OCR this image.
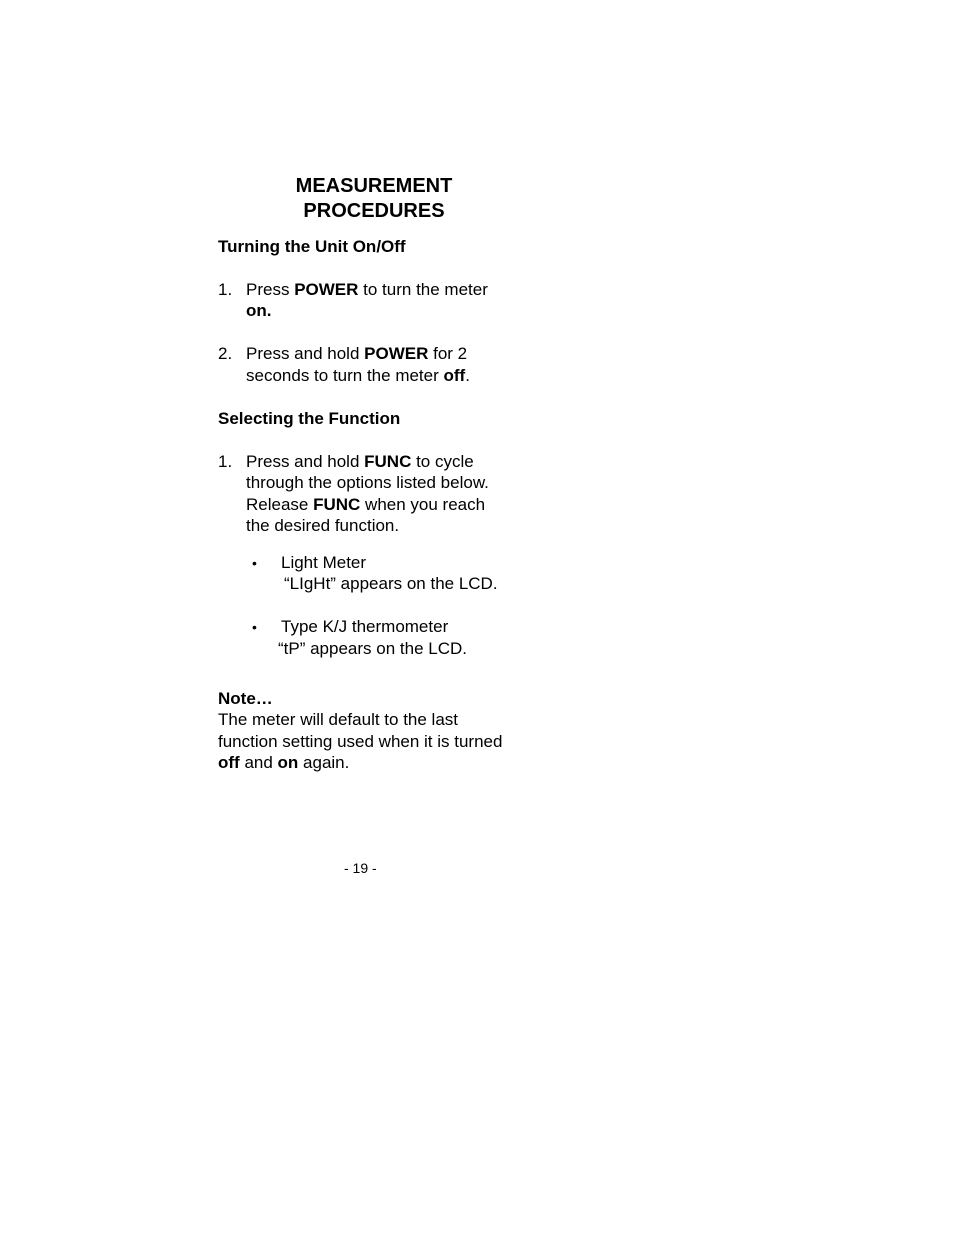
MEASUREMENT

PROCEDURES

Turning the Unit On/Off

1. Press POWER to turn the meter

on.

2. Press and hold POWER for 2

seconds to turn the meter off.

Selecting the Function

1. Press and hold FUNC to cycle

through the options listed below.

Release FUNC when you reach

the desired function.

• Light Meter

“LIgHt” appears on the LCD.

• Type K/J thermometer

“tP” appears on the LCD.

Note…

The meter will default to the last

function setting used when it is turned

off and on again.

- 19 -
